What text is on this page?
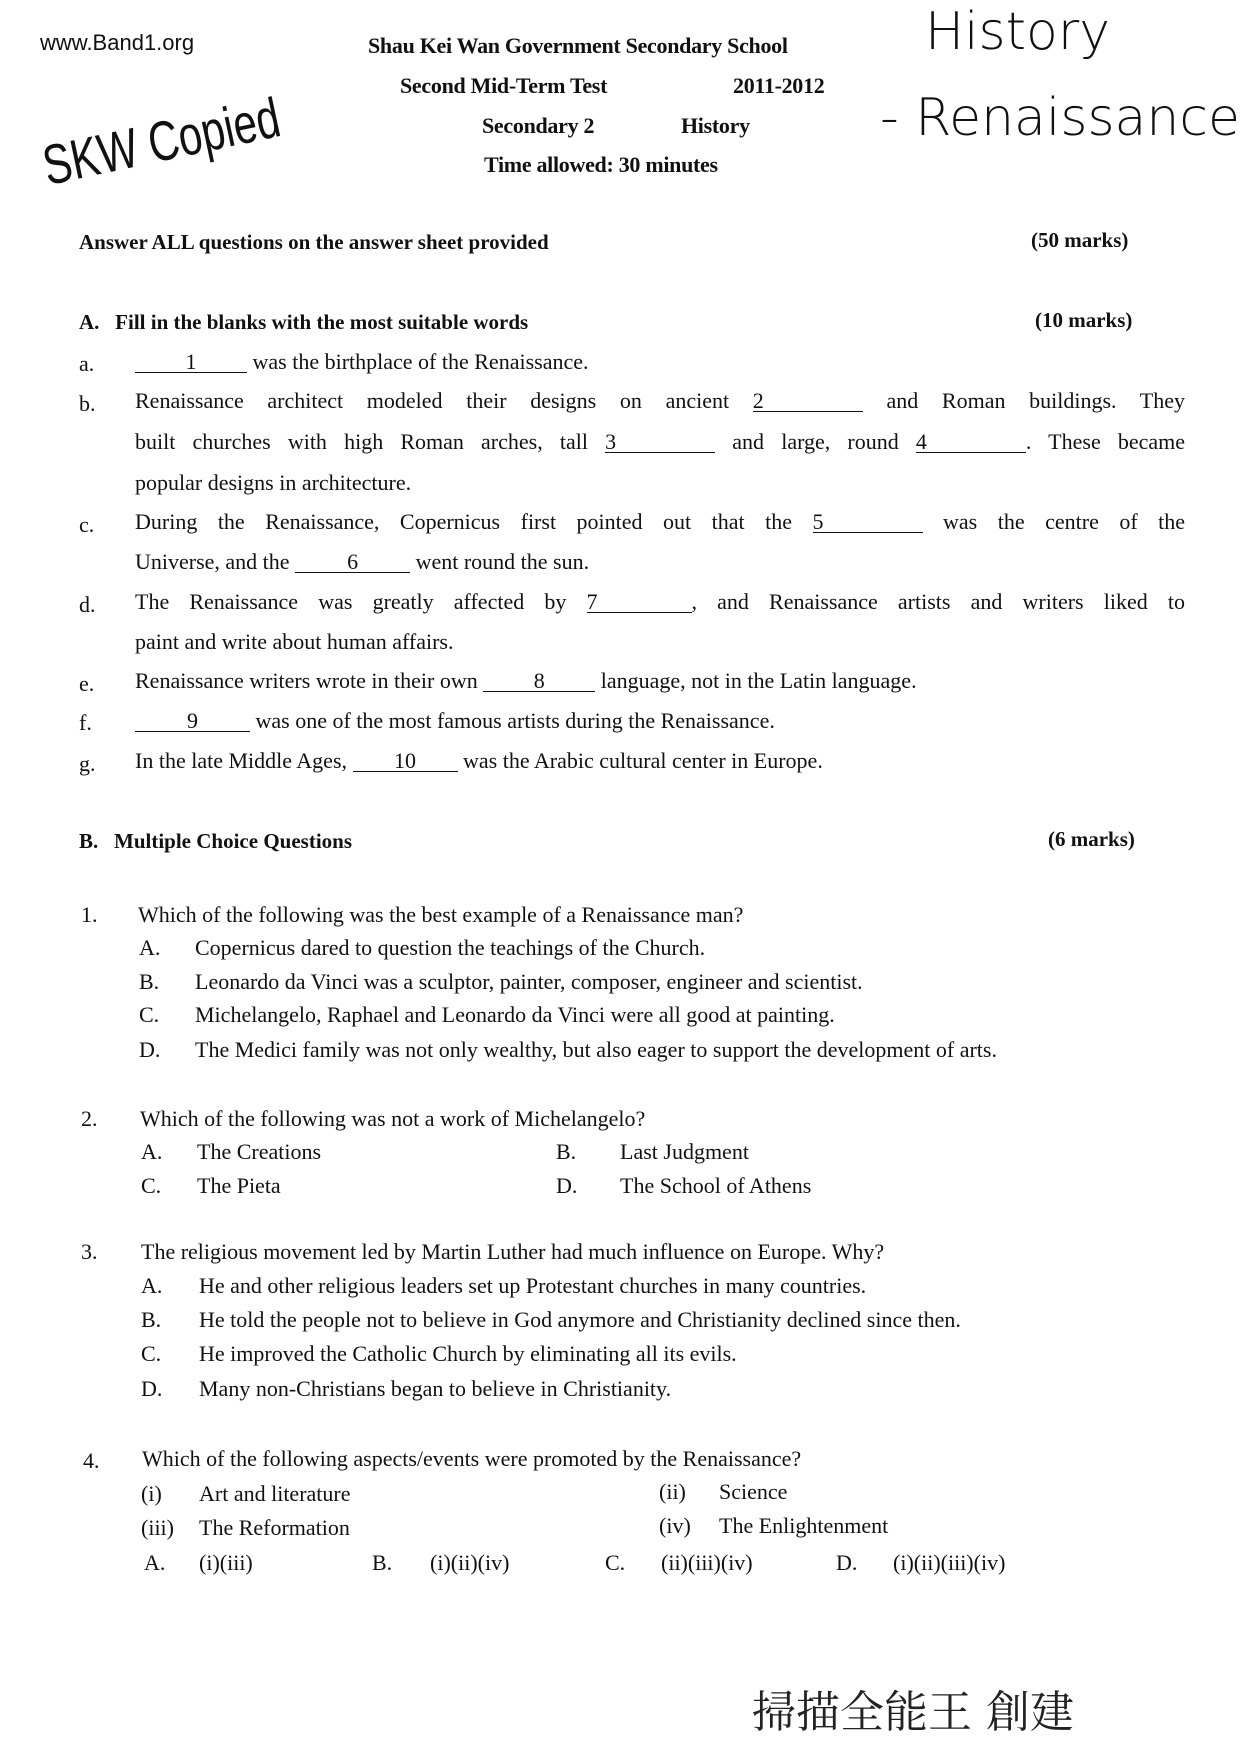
www.Band1.org
SKW Copied
History
- Renaissance
Shau Kei Wan Government Secondary School
Second Mid-Term Test	2011-2012
Secondary 2	History
Time allowed: 30 minutes
Answer ALL questions on the answer sheet provided	(50 marks)
A.   Fill in the blanks with the most suitable words	(10 marks)
a.	1	was the birthplace of the Renaissance.
b. Renaissance architect modeled their designs on ancient 2	and Roman buildings. They
built churches with high Roman arches, tall 3	and large, round 4	. These became
popular designs in architecture.
c. During the Renaissance, Copernicus first pointed out that the 5	was the centre of the
Universe, and the	6	went round the sun.
d. The Renaissance was greatly affected by 7	, and Renaissance artists and writers liked to
paint and write about human affairs.
e. Renaissance writers wrote in their own	8	language, not in the Latin language.
f.	9	was one of the most famous artists during the Renaissance.
g. In the late Middle Ages, 10 was the Arabic cultural center in Europe.
B.   Multiple Choice Questions	(6 marks)
1. Which of the following was the best example of a Renaissance man?
A. Copernicus dared to question the teachings of the Church.
B. Leonardo da Vinci was a sculptor, painter, composer, engineer and scientist.
C. Michelangelo, Raphael and Leonardo da Vinci were all good at painting.
D. The Medici family was not only wealthy, but also eager to support the development of arts.
2. Which of the following was not a work of Michelangelo?
A. The Creations	B. Last Judgment
C. The Pieta	D. The School of Athens
3. The religious movement led by Martin Luther had much influence on Europe. Why?
A. He and other religious leaders set up Protestant churches in many countries.
B. He told the people not to believe in God anymore and Christianity declined since then.
C. He improved the Catholic Church by eliminating all its evils.
D. Many non-Christians began to believe in Christianity.
4. Which of the following aspects/events were promoted by the Renaissance?
(i) Art and literature	(ii) Science
(iii) The Reformation	(iv) The Enlightenment
A. (i)(iii)	B. (i)(ii)(iv)	C. (ii)(iii)(iv)	D. (i)(ii)(iii)(iv)
掃描全能王 創建
